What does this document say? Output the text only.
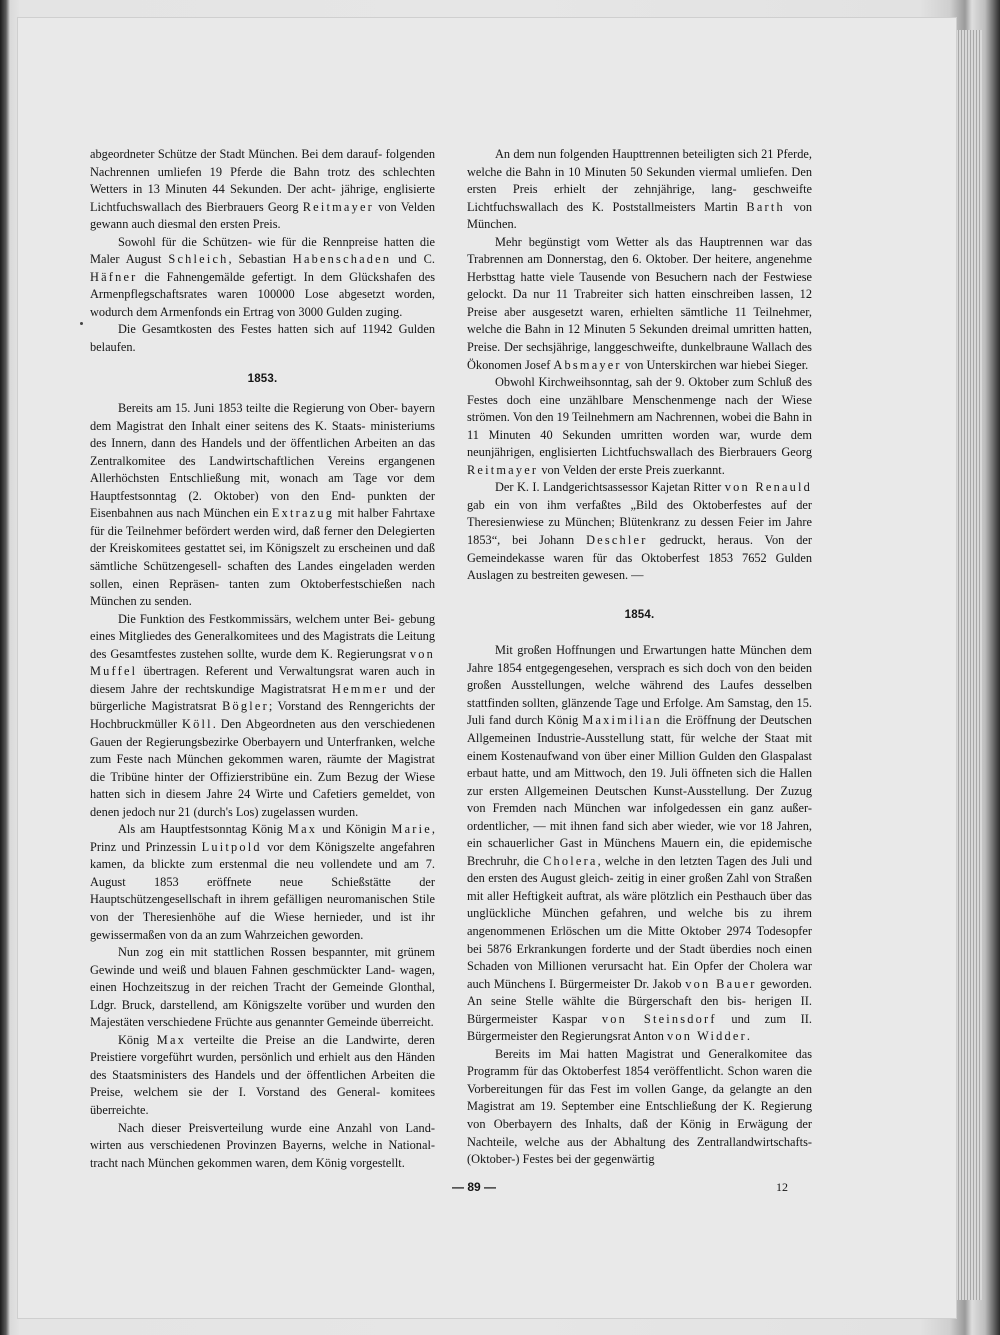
abgeordneter Schütze der Stadt München. Bei dem darauf- folgenden Nachrennen umliefen 19 Pferde die Bahn trotz des schlechten Wetters in 13 Minuten 44 Sekunden. Der acht- jährige, englisierte Lichtfuchswallach des Bierbrauers Georg Reitmayer von Velden gewann auch diesmal den ersten Preis.

Sowohl für die Schützen- wie für die Rennpreise hatten die Maler August Schleich, Sebastian Habenschaden und C. Häfner die Fahnengemälde gefertigt. In dem Glückshafen des Armenpflegschaftsrates waren 100000 Lose abgesetzt worden, wodurch dem Armenfonds ein Ertrag von 3000 Gulden zuging.

Die Gesamtkosten des Festes hatten sich auf 11942 Gulden belaufen.

1853.

Bereits am 15. Juni 1853 teilte die Regierung von Ober- bayern dem Magistrat den Inhalt einer seitens des K. Staats- ministeriums des Innern, dann des Handels und der öffentlichen Arbeiten an das Zentralkomitee des Landwirtschaftlichen Vereins ergangenen Allerhöchsten Entschließung mit, wonach am Tage vor dem Hauptfestsonntag (2. Oktober) von den End- punkten der Eisenbahnen aus nach München ein Extrazug mit halber Fahrtaxe für die Teilnehmer befördert werden wird, daß ferner den Delegierten der Kreiskomitees gestattet sei, im Königszelt zu erscheinen und daß sämtliche Schützengesell- schaften des Landes eingeladen werden sollen, einen Repräsen- tanten zum Oktoberfestschießen nach München zu senden.

Die Funktion des Festkommissärs, welchem unter Bei- gebung eines Mitgliedes des Generalkomitees und des Magistrats die Leitung des Gesamtfestes zustehen sollte, wurde dem K. Regierungsrat von Muffel übertragen. Referent und Verwaltungsrat waren auch in diesem Jahre der rechtskundige Magistratsrat Hemmer und der bürgerliche Magistratsrat Bögler; Vorstand des Renngerichts der Hochbruckmüller Köll. Den Abgeordneten aus den verschiedenen Gauen der Regierungsbezirke Oberbayern und Unterfranken, welche zum Feste nach München gekommen waren, räumte der Magistrat die Tribüne hinter der Offizierstribüne ein. Zum Bezug der Wiese hatten sich in diesem Jahre 24 Wirte und Cafetiers gemeldet, von denen jedoch nur 21 (durch's Los) zugelassen wurden.

Als am Hauptfestsonntag König Max und Königin Marie, Prinz und Prinzessin Luitpold vor dem Königszelte angefahren kamen, da blickte zum erstenmal die neu vollendete und am 7. August 1853 eröffnete neue Schießstätte der Hauptschützengesellschaft in ihrem gefälligen neuromanischen Stile von der Theresienhöhe auf die Wiese hernieder, und ist ihr gewissermaßen von da an zum Wahrzeichen geworden.

Nun zog ein mit stattlichen Rossen bespannter, mit grünem Gewinde und weiß und blauen Fahnen geschmückter Land- wagen, einen Hochzeitszug in der reichen Tracht der Gemeinde Glonthal, Ldgr. Bruck, darstellend, am Königszelte vorüber und wurden den Majestäten verschiedene Früchte aus genannter Gemeinde überreicht.

König Max verteilte die Preise an die Landwirte, deren Preistiere vorgeführt wurden, persönlich und erhielt aus den Händen des Staatsministers des Handels und der öffentlichen Arbeiten die Preise, welchem sie der I. Vorstand des General- komitees überreichte.

Nach dieser Preisverteilung wurde eine Anzahl von Land- wirten aus verschiedenen Provinzen Bayerns, welche in National- tracht nach München gekommen waren, dem König vorgestellt.

An dem nun folgenden Haupttrennen beteiligten sich 21 Pferde, welche die Bahn in 10 Minuten 50 Sekunden viermal umliefen. Den ersten Preis erhielt der zehnjährige, lang- geschweifte Lichtfuchswallach des K. Poststallmeisters Martin Barth von München.

Mehr begünstigt vom Wetter als das Hauptrennen war das Trabrennen am Donnerstag, den 6. Oktober. Der heitere, angenehme Herbsttag hatte viele Tausende von Besuchern nach der Festwiese gelockt. Da nur 11 Trabreiter sich hatten einschreiben lassen, 12 Preise aber ausgesetzt waren, erhielten sämtliche 11 Teilnehmer, welche die Bahn in 12 Minuten 5 Sekunden dreimal umritten hatten, Preise. Der sechsjährige, langgeschweifte, dunkelbraune Wallach des Ökonomen Josef Absmayer von Unterskirchen war hiebei Sieger.

Obwohl Kirchweihsonntag, sah der 9. Oktober zum Schluß des Festes doch eine unzählbare Menschenmenge nach der Wiese strömen. Von den 19 Teilnehmern am Nachrennen, wobei die Bahn in 11 Minuten 40 Sekunden umritten worden war, wurde dem neunjährigen, englisierten Lichtfuchswallach des Bierbrauers Georg Reitmayer von Velden der erste Preis zuerkannt.

Der K. I. Landgerichtsassessor Kajetan Ritter von Renauld gab ein von ihm verfaßtes „Bild des Oktoberfestes auf der Theresienwiese zu München; Blütenkranz zu dessen Feier im Jahre 1853“, bei Johann Deschler gedruckt, heraus. Von der Gemeindekasse waren für das Oktoberfest 1853 7652 Gulden Auslagen zu bestreiten gewesen. —

1854.

Mit großen Hoffnungen und Erwartungen hatte München dem Jahre 1854 entgegengesehen, versprach es sich doch von den beiden großen Ausstellungen, welche während des Laufes desselben stattfinden sollten, glänzende Tage und Erfolge. Am Samstag, den 15. Juli fand durch König Maximilian die Eröffnung der Deutschen Allgemeinen Industrie-Ausstellung statt, für welche der Staat mit einem Kostenaufwand von über einer Million Gulden den Glaspalast erbaut hatte, und am Mittwoch, den 19. Juli öffneten sich die Hallen zur ersten Allgemeinen Deutschen Kunst-Ausstellung. Der Zuzug von Fremden nach München war infolgedessen ein ganz außer- ordentlicher, — mit ihnen fand sich aber wieder, wie vor 18 Jahren, ein schauerlicher Gast in Münchens Mauern ein, die epidemische Brechruhr, die Cholera, welche in den letzten Tagen des Juli und den ersten des August gleich- zeitig in einer großen Zahl von Straßen mit aller Heftigkeit auftrat, als wäre plötzlich ein Pesthauch über das unglückliche München gefahren, und welche bis zu ihrem angenommenen Erlöschen um die Mitte Oktober 2974 Todesopfer bei 5876 Erkrankungen forderte und der Stadt überdies noch einen Schaden von Millionen verursacht hat. Ein Opfer der Cholera war auch Münchens I. Bürgermeister Dr. Jakob von Bauer geworden. An seine Stelle wählte die Bürgerschaft den bis- herigen II. Bürgermeister Kaspar von Steinsdorf und zum II. Bürgermeister den Regierungsrat Anton von Widder.

Bereits im Mai hatten Magistrat und Generalkomitee das Programm für das Oktoberfest 1854 veröffentlicht. Schon waren die Vorbereitungen für das Fest im vollen Gange, da gelangte an den Magistrat am 19. September eine Entschließung der K. Regierung von Oberbayern des Inhalts, daß der König in Erwägung der Nachteile, welche aus der Abhaltung des Zentrallandwirtschafts- (Oktober-) Festes bei der gegenwärtig

— 89 —	12
